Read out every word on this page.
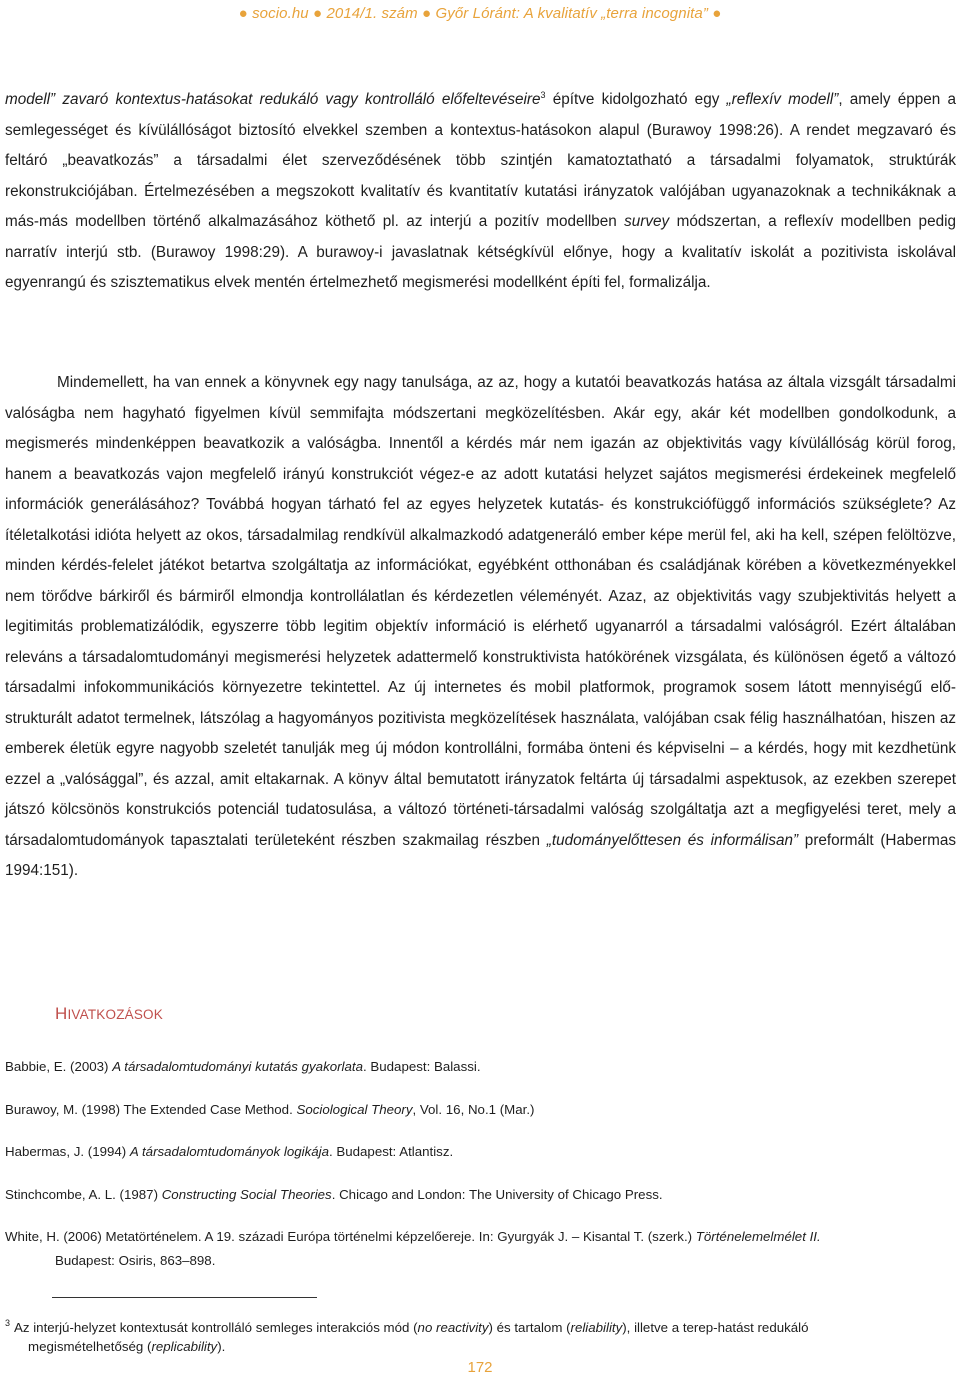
● socio.hu ● 2014/1. szám ● Győr Lóránt: A kvalitatív „terra incognita” ●

modell” zavaró kontextus-hatásokat redukáló vagy kontrolláló előfeltevéseire$^3$ építve kidolgozható egy „reflexív modell”, amely éppen a semlegességet és kívülállóságot biztosító elvekkel szemben a kontextus-hatásokon alapul (Burawoy 1998:26). A rendet megzavaró és feltáró „beavatkozás” a társadalmi élet szerveződésének több szintjén kamatoztatható a társadalmi folyamatok, struktúrák rekonstrukciójában. Értelmezésében a megszokott kvalitatív és kvantitatív kutatási irányzatok valójában ugyanazoknak a technikáknak a más-más modellben történő alkalmazásához köthető pl. az interjú a pozitív modellben survey módszertan, a reflexív modellben pedig narratív interjú stb. (Burawoy 1998:29). A burawoy-i javaslatnak kétségkívül előnye, hogy a kvalitatív iskolát a pozitivista iskolával egyenrangú és szisztematikus elvek mentén értelmezhető megismerési modellként építi fel, formalizálja.

Mindemellett, ha van ennek a könyvnek egy nagy tanulsága, az az, hogy a kutatói beavatkozás hatása az általa vizsgált társadalmi valóságba nem hagyható figyelmen kívül semmifajta módszertani megközelítésben. Akár egy, akár két modellben gondolkodunk, a megismerés mindenképpen beavatkozik a valóságba. Innentől a kérdés már nem igazán az objektivitás vagy kívülállóság körül forog, hanem a beavatkozás vajon megfelelő irányú konstrukciót végez-e az adott kutatási helyzet sajátos megismerési érdekeinek megfelelő információk generálásához? Továbbá hogyan tárható fel az egyes helyzetek kutatás- és konstrukciófüggő információs szükséglete? Az ítéletalkotási idióta helyett az okos, társadalmilag rendkívül alkalmazkodó adatgeneráló ember képe merül fel, aki ha kell, szépen felöltözve, minden kérdés-felelet játékot betartva szolgáltatja az információkat, egyébként otthonában és családjának körében a következményekkel nem törődve bárkiről és bármiről elmondja kontrollálatlan és kérdezetlen véleményét. Azaz, az objektivitás vagy szubjektivitás helyett a legitimitás problematizálódik, egyszerre több legitim objektív információ is elérhető ugyanarról a társadalmi valóságról. Ezért általában releváns a társadalomtudományi megismerési helyzetek adattermelő konstruktivista hatókörének vizsgálata, és különösen égető a változó társadalmi infokommunikációs környezetre tekintettel. Az új internetes és mobil platformok, programok sosem látott mennyiségű elő-strukturált adatot termelnek, látszólag a hagyományos pozitivista megközelítések használata, valójában csak félig használhatóan, hiszen az emberek életük egyre nagyobb szeletét tanulják meg új módon kontrollálni, formába önteni és képviselni – a kérdés, hogy mit kezdhetünk ezzel a „valósággal”, és azzal, amit eltakarnak. A könyv által bemutatott irányzatok feltárta új társadalmi aspektusok, az ezekben szerepet játszó kölcsönös konstrukciós potenciál tudatosulása, a változó történeti-társadalmi valóság szolgáltatja azt a megfigyelési teret, mely a társadalomtudományok tapasztalati területeként részben szakmailag részben „tudományelőttesen és informálisan” preformált (Habermas 1994:151).

HIVATKOZÁSOK

Babbie, E. (2003) A társadalomtudományi kutatás gyakorlata. Budapest: Balassi.

Burawoy, M. (1998) The Extended Case Method. Sociological Theory, Vol. 16, No.1 (Mar.)

Habermas, J. (1994) A társadalomtudományok logikája. Budapest: Atlantisz.

Stinchcombe, A. L. (1987) Constructing Social Theories. Chicago and London: The University of Chicago Press.

White, H. (2006) Metatörténelem. A 19. századi Európa történelmi képzelőereje. In: Gyurgyák J. – Kisantal T. (szerk.) Történelemelmélet II.
Budapest: Osiris, 863–898.

$^3$ Az interjú-helyzet kontextusát kontrolláló semleges interakciós mód (no reactivity) és tartalom (reliability), illetve a terep-hatást redukáló
megismételhetőség (replicability).
172
